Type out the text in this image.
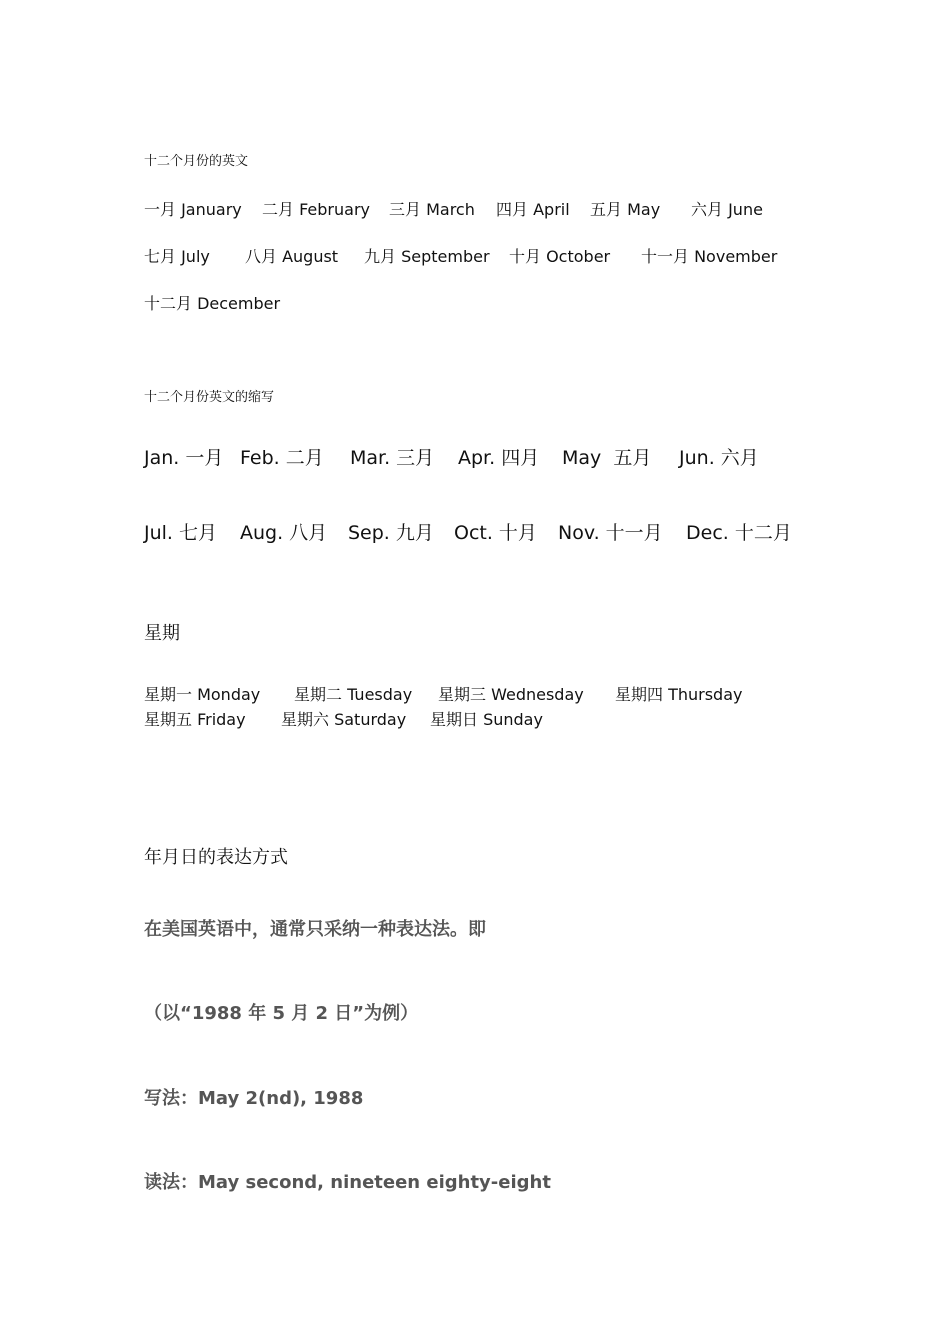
十二个月份的英文
一月 January 二月 February 三月 March 四月 April 五月 May 六月 June
七月 July 八月 August 九月 September 十月 October 十一月 November
十二月 December
十二个月份英文的缩写
Jan. 一月 Feb. 二月 Mar. 三月 Apr. 四月 May  五月 Jun. 六月
Jul. 七月 Aug. 八月 Sep. 九月 Oct. 十月 Nov. 十一月 Dec. 十二月
星期
星期一 Monday 星期二 Tuesday 星期三 Wednesday 星期四 Thursday
星期五 Friday 星期六 Saturday 星期日 Sunday
年月日的表达方式
在美国英语中，通常只采纳一种表达法。即
（以“1988 年 5 月 2 日”为例）
写法：May 2(nd), 1988
读法：May second, nineteen eighty-eight
